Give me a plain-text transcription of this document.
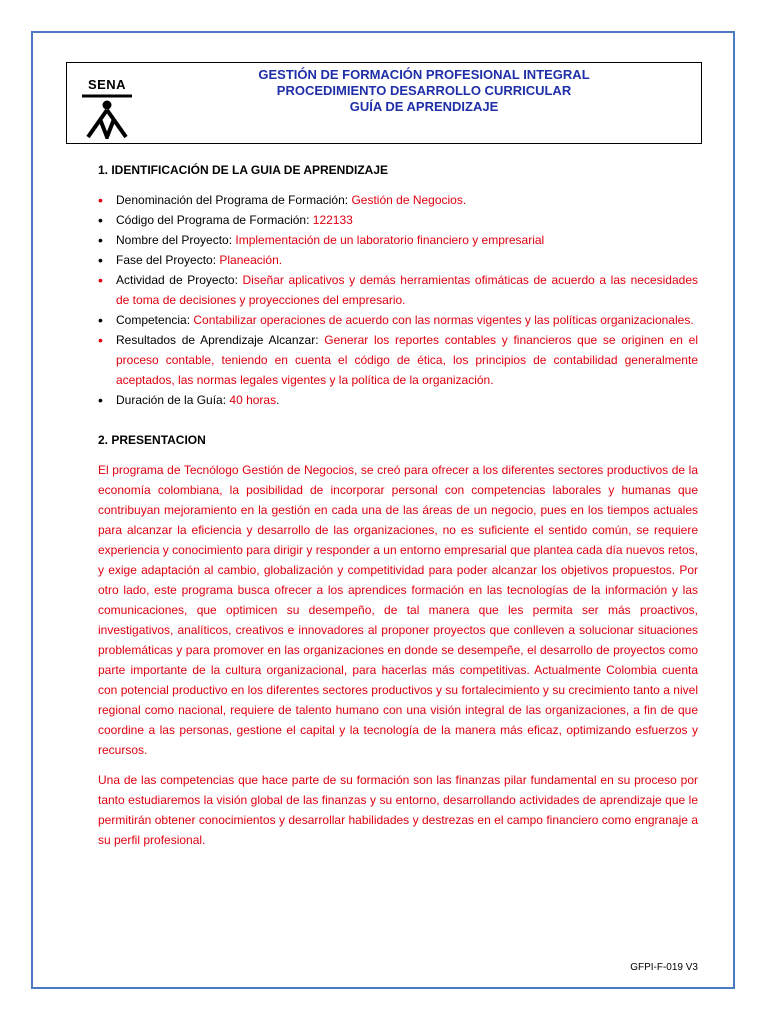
SENA
GESTIÓN DE FORMACIÓN PROFESIONAL INTEGRAL
PROCEDIMIENTO DESARROLLO CURRICULAR
GUÍA DE APRENDIZAJE
1. IDENTIFICACIÓN DE LA GUIA DE APRENDIZAJE
•	Denominación del Programa de Formación: Gestión de Negocios.
•	Código del Programa de Formación: 122133
•	Nombre del Proyecto: Implementación de un laboratorio financiero y empresarial
•	Fase del Proyecto: Planeación.
•	Actividad de Proyecto: Diseñar aplicativos y demás herramientas ofimáticas de acuerdo a las necesidades de toma de decisiones y proyecciones del empresario.
•	Competencia: Contabilizar operaciones de acuerdo con las normas vigentes y las políticas organizacionales.
•	Resultados de Aprendizaje Alcanzar: Generar los reportes contables y financieros que se originen en el proceso contable, teniendo en cuenta el código de ética, los principios de contabilidad generalmente aceptados, las normas legales vigentes y la política de la organización.
•	Duración de la Guía: 40 horas.
2. PRESENTACION

El programa de Tecnólogo Gestión de Negocios, se creó para ofrecer a los diferentes sectores productivos de la economía colombiana, la posibilidad de incorporar personal con competencias laborales y humanas que contribuyan mejoramiento en la gestión en cada una de las áreas de un negocio, pues en los tiempos actuales para alcanzar la eficiencia y desarrollo de las organizaciones, no es suficiente el sentido común, se requiere experiencia y conocimiento para dirigir y responder a un entorno empresarial que plantea cada día nuevos retos, y exige adaptación al cambio, globalización y competitividad para poder alcanzar los objetivos propuestos. Por otro lado, este programa busca ofrecer a los aprendices formación en las tecnologías de la información y las comunicaciones, que optimicen su desempeño, de tal manera que les permita ser más proactivos, investigativos, analíticos, creativos e innovadores al proponer proyectos que conlleven a solucionar situaciones problemáticas y para promover en las organizaciones en donde se desempeñe, el desarrollo de proyectos como parte importante de la cultura organizacional, para hacerlas más competitivas. Actualmente Colombia cuenta con potencial productivo en los diferentes sectores productivos y su fortalecimiento y su crecimiento tanto a nivel regional como nacional, requiere de talento humano con una visión integral de las organizaciones, a fin de que coordine a las personas, gestione el capital y la tecnología de la manera más eficaz, optimizando esfuerzos y recursos.

Una de las competencias que hace parte de su formación son las finanzas pilar fundamental en su proceso por tanto estudiaremos la visión global de las finanzas y su entorno, desarrollando actividades de aprendizaje que le permitirán obtener conocimientos y desarrollar habilidades y destrezas en el campo financiero como engranaje a su perfil profesional.

GFPI-F-019 V3
